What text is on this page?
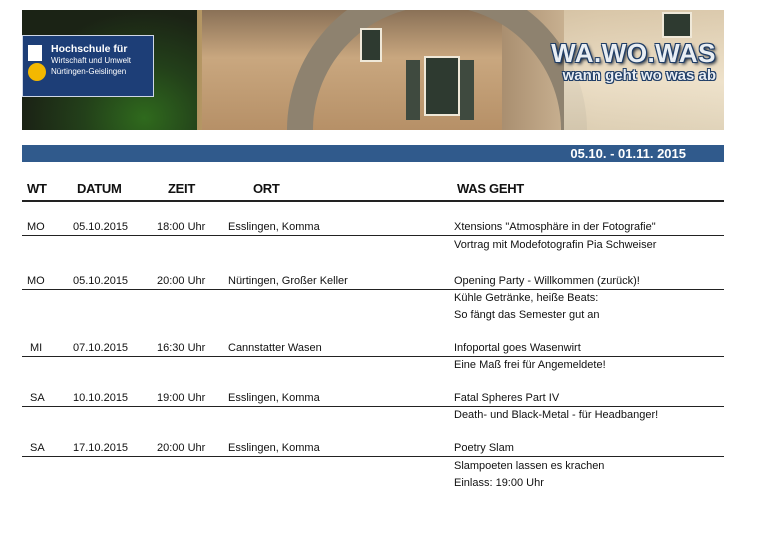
WA.WO.WAS
wann geht wo was ab
Hochschule für
Wirtschaft und Umwelt
Nürtingen-Geislingen
05.10. - 01.11. 2015
WT DATUM	ZEIT	ORT	WAS GEHT
MO	05.10.2015	18:00 Uhr Esslingen, Komma	Xtensions "Atmosphäre in der Fotografie"
Vortrag mit Modefotografin Pia Schweiser
MO	05.10.2015	20:00 Uhr Nürtingen, Großer Keller	Opening Party - Willkommen (zurück)!
Kühle Getränke, heiße Beats:
So fängt das Semester gut an
MI	07.10.2015	16:30 Uhr Cannstatter Wasen	Infoportal goes Wasenwirt
Eine Maß frei für Angemeldete!
SA	10.10.2015	19:00 Uhr Esslingen, Komma	Fatal Spheres Part IV
Death- und Black-Metal - für Headbanger!
SA	17.10.2015	20:00 Uhr Esslingen, Komma	Poetry Slam
Slampoeten lassen es krachen
Einlass: 19:00 Uhr
